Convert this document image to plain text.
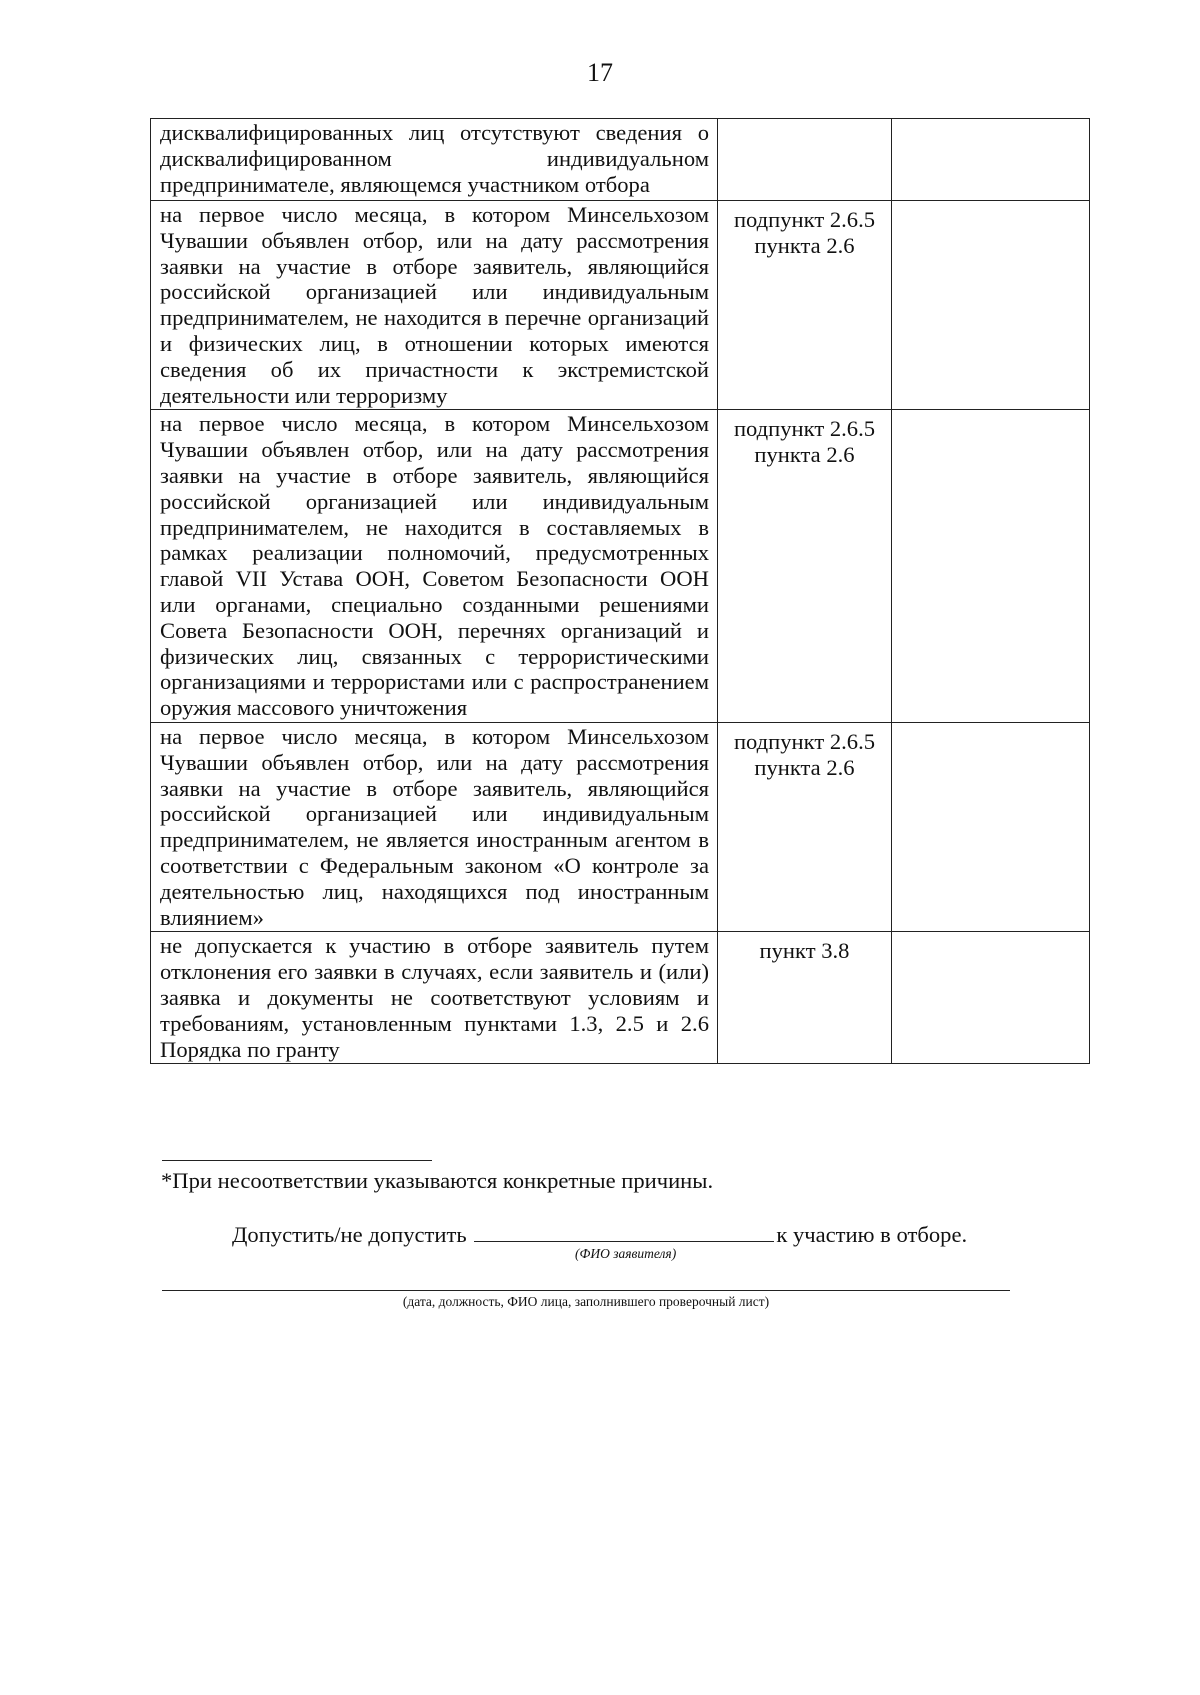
17
дисквалифицированных лиц отсутствуют сведения о дисквалифицированном индивидуальном предпринимателе, являющемся участником отбора		

на первое число месяца, в котором Минсельхозом Чувашии объявлен отбор, или на дату рассмотрения заявки на участие в отборе заявитель, являющийся российской организацией или индивидуальным предпринимателем, не находится в перечне организаций и физических лиц, в отношении которых имеются сведения об их причастности к экстремистской деятельности или терроризму	подпункт 2.6.5 пункта 2.6	
на первое число месяца, в котором Минсельхозом Чувашии объявлен отбор, или на дату рассмотрения заявки на участие в отборе заявитель, являющийся российской организацией или индивидуальным предпринимателем, не находится в составляемых в рамках реализации полномочий, предусмотренных главой VII Устава ООН, Советом Безопасности ООН или органами, специально созданными решениями Совета Безопасности ООН, перечнях организаций и физических лиц, связанных с террористическими организациями и террористами или с распространением оружия массового уничтожения	подпункт 2.6.5 пункта 2.6	
на первое число месяца, в котором Минсельхозом Чувашии объявлен отбор, или на дату рассмотрения заявки на участие в отборе заявитель, являющийся российской организацией или индивидуальным предпринимателем, не является иностранным агентом в соответствии с Федеральным законом «О контроле за деятельностью лиц, находящихся под иностранным влиянием»	подпункт 2.6.5 пункта 2.6	
не допускается к участию в отборе заявитель путем отклонения его заявки в случаях, если заявитель и (или) заявка и документы не соответствуют условиям и требованиям, установленным пунктами 1.3, 2.5 и 2.6 Порядка по гранту	пункт 3.8	
*При несоответствии указываются конкретные причины.
Допустить/не допустить	к участию в отборе.
(ФИО заявителя)
(дата, должность, ФИО лица, заполнившего проверочный лист)
